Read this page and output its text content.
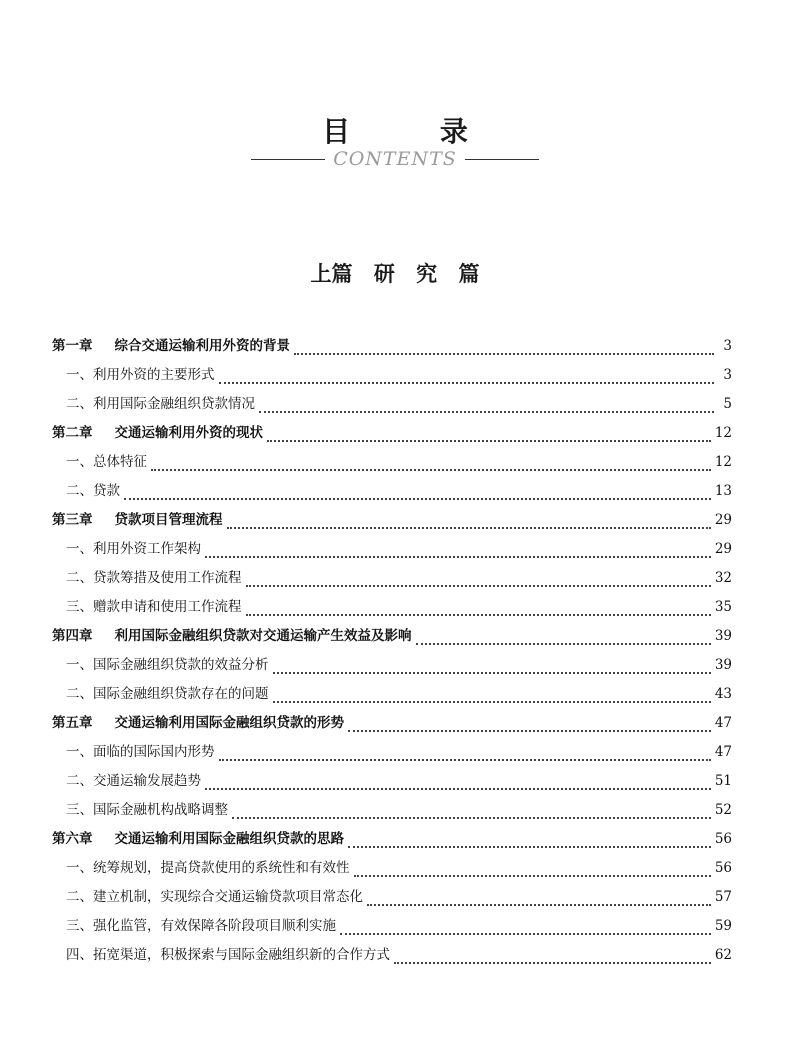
目 录
CONTENTS
上篇 研 究 篇
第一章 综合交通运输利用外资的背景	3
一、利用外资的主要形式	3
二、利用国际金融组织贷款情况	5
第二章 交通运输利用外资的现状	12
一、总体特征	12
二、贷款	13
第三章 贷款项目管理流程	29
一、利用外资工作架构	29
二、贷款筹措及使用工作流程	32
三、赠款申请和使用工作流程	35
第四章 利用国际金融组织贷款对交通运输产生效益及影响	39
一、国际金融组织贷款的效益分析	39
二、国际金融组织贷款存在的问题	43
第五章 交通运输利用国际金融组织贷款的形势	47
一、面临的国际国内形势	47
二、交通运输发展趋势	51
三、国际金融机构战略调整	52
第六章 交通运输利用国际金融组织贷款的思路	56
一、统筹规划，提高贷款使用的系统性和有效性	56
二、建立机制，实现综合交通运输贷款项目常态化	57
三、强化监管，有效保障各阶段项目顺利实施	59
四、拓宽渠道，积极探索与国际金融组织新的合作方式	62
